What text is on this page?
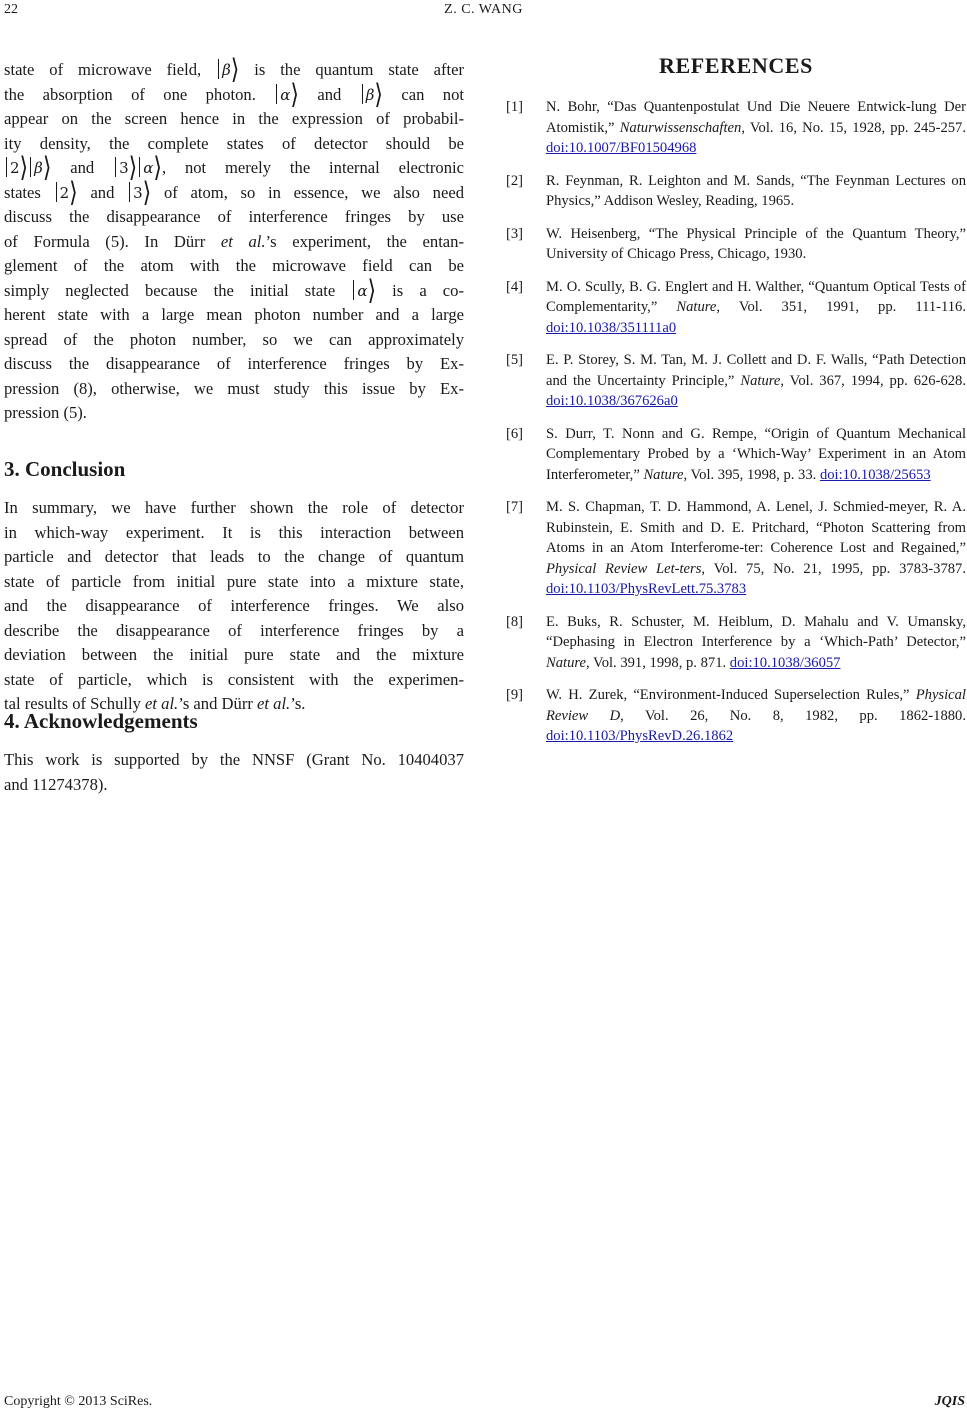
22	Z. C. WANG
state of microwave field, β⟩ is the quantum state after
the absorption of one photon. α⟩ and β⟩ can not
appear on the screen hence in the expression of probabil-
ity density, the complete states of detector should be
2⟩ β⟩ and 3⟩ α⟩, not merely the internal electronic
states 2⟩ and 3⟩ of atom, so in essence, we also need
discuss the disappearance of interference fringes by use
of Formula (5). In Dürr et al.’s experiment, the entan-
glement of the atom with the microwave field can be
simply neglected because the initial state α⟩ is a co-
herent state with a large mean photon number and a large
spread of the photon number, so we can approximately
discuss the disappearance of interference fringes by Ex-
pression (8), otherwise, we must study this issue by Ex-
pression (5).
3. Conclusion
In summary, we have further shown the role of detector
in which-way experiment. It is this interaction between
particle and detector that leads to the change of quantum
state of particle from initial pure state into a mixture state,
and the disappearance of interference fringes. We also
describe the disappearance of interference fringes by a
deviation between the initial pure state and the mixture
state of particle, which is consistent with the experimen-
tal results of Schully et al.’s and Dürr et al.’s.
4. Acknowledgements
This work is supported by the NNSF (Grant No. 10404037
and 11274378).
REFERENCES
[1]	N. Bohr, “Das Quantenpostulat Und Die Neuere Entwick-lung Der Atomistik,” Naturwissenschaften, Vol. 16, No. 15, 1928, pp. 245-257. doi:10.1007/BF01504968
[2]	R. Feynman, R. Leighton and M. Sands, “The Feynman Lectures on Physics,” Addison Wesley, Reading, 1965.
[3]	W. Heisenberg, “The Physical Principle of the Quantum Theory,” University of Chicago Press, Chicago, 1930.
[4]	M. O. Scully, B. G. Englert and H. Walther, “Quantum Optical Tests of Complementarity,” Nature, Vol. 351, 1991, pp. 111-116. doi:10.1038/351111a0
[5]	E. P. Storey, S. M. Tan, M. J. Collett and D. F. Walls, “Path Detection and the Uncertainty Principle,” Nature, Vol. 367, 1994, pp. 626-628. doi:10.1038/367626a0
[6]	S. Durr, T. Nonn and G. Rempe, “Origin of Quantum Mechanical Complementary Probed by a ‘Which-Way’ Experiment in an Atom Interferometer,” Nature, Vol. 395, 1998, p. 33. doi:10.1038/25653
[7]	M. S. Chapman, T. D. Hammond, A. Lenel, J. Schmied-meyer, R. A. Rubinstein, E. Smith and D. E. Pritchard, “Photon Scattering from Atoms in an Atom Interferome-ter: Coherence Lost and Regained,” Physical Review Let-ters, Vol. 75, No. 21, 1995, pp. 3783-3787. doi:10.1103/PhysRevLett.75.3783
[8]	E. Buks, R. Schuster, M. Heiblum, D. Mahalu and V. Umansky, “Dephasing in Electron Interference by a ‘Which-Path’ Detector,” Nature, Vol. 391, 1998, p. 871. doi:10.1038/36057
[9]	W. H. Zurek, “Environment-Induced Superselection Rules,” Physical Review D, Vol. 26, No. 8, 1982, pp. 1862-1880. doi:10.1103/PhysRevD.26.1862
Copyright © 2013 SciRes.	JQIS
